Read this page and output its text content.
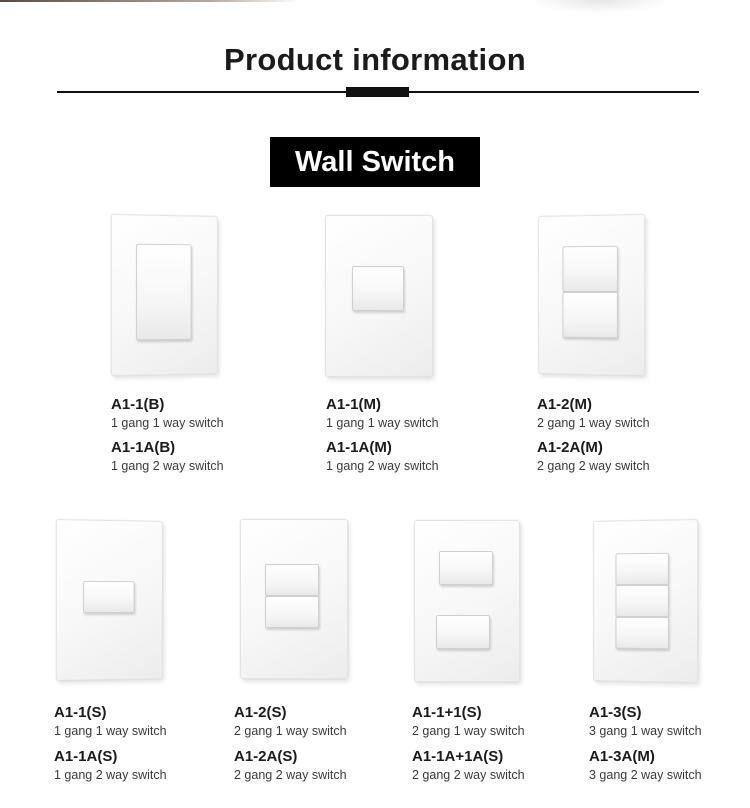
Product information
Wall Switch
A1-1(B)
1 gang 1 way switch
A1-1A(B)
1 gang 2 way switch
A1-1(M)
1 gang 1 way switch
A1-1A(M)
1 gang 2 way switch
A1-2(M)
2 gang 1 way switch
A1-2A(M)
2 gang 2 way switch
A1-1(S)
1 gang 1 way switch
A1-1A(S)
1 gang 2 way switch
A1-2(S)
2 gang 1 way switch
A1-2A(S)
2 gang 2 way switch
A1-1+1(S)
2 gang 1 way switch
A1-1A+1A(S)
2 gang 2 way switch
A1-3(S)
3 gang 1 way switch
A1-3A(M)
3 gang 2 way switch
